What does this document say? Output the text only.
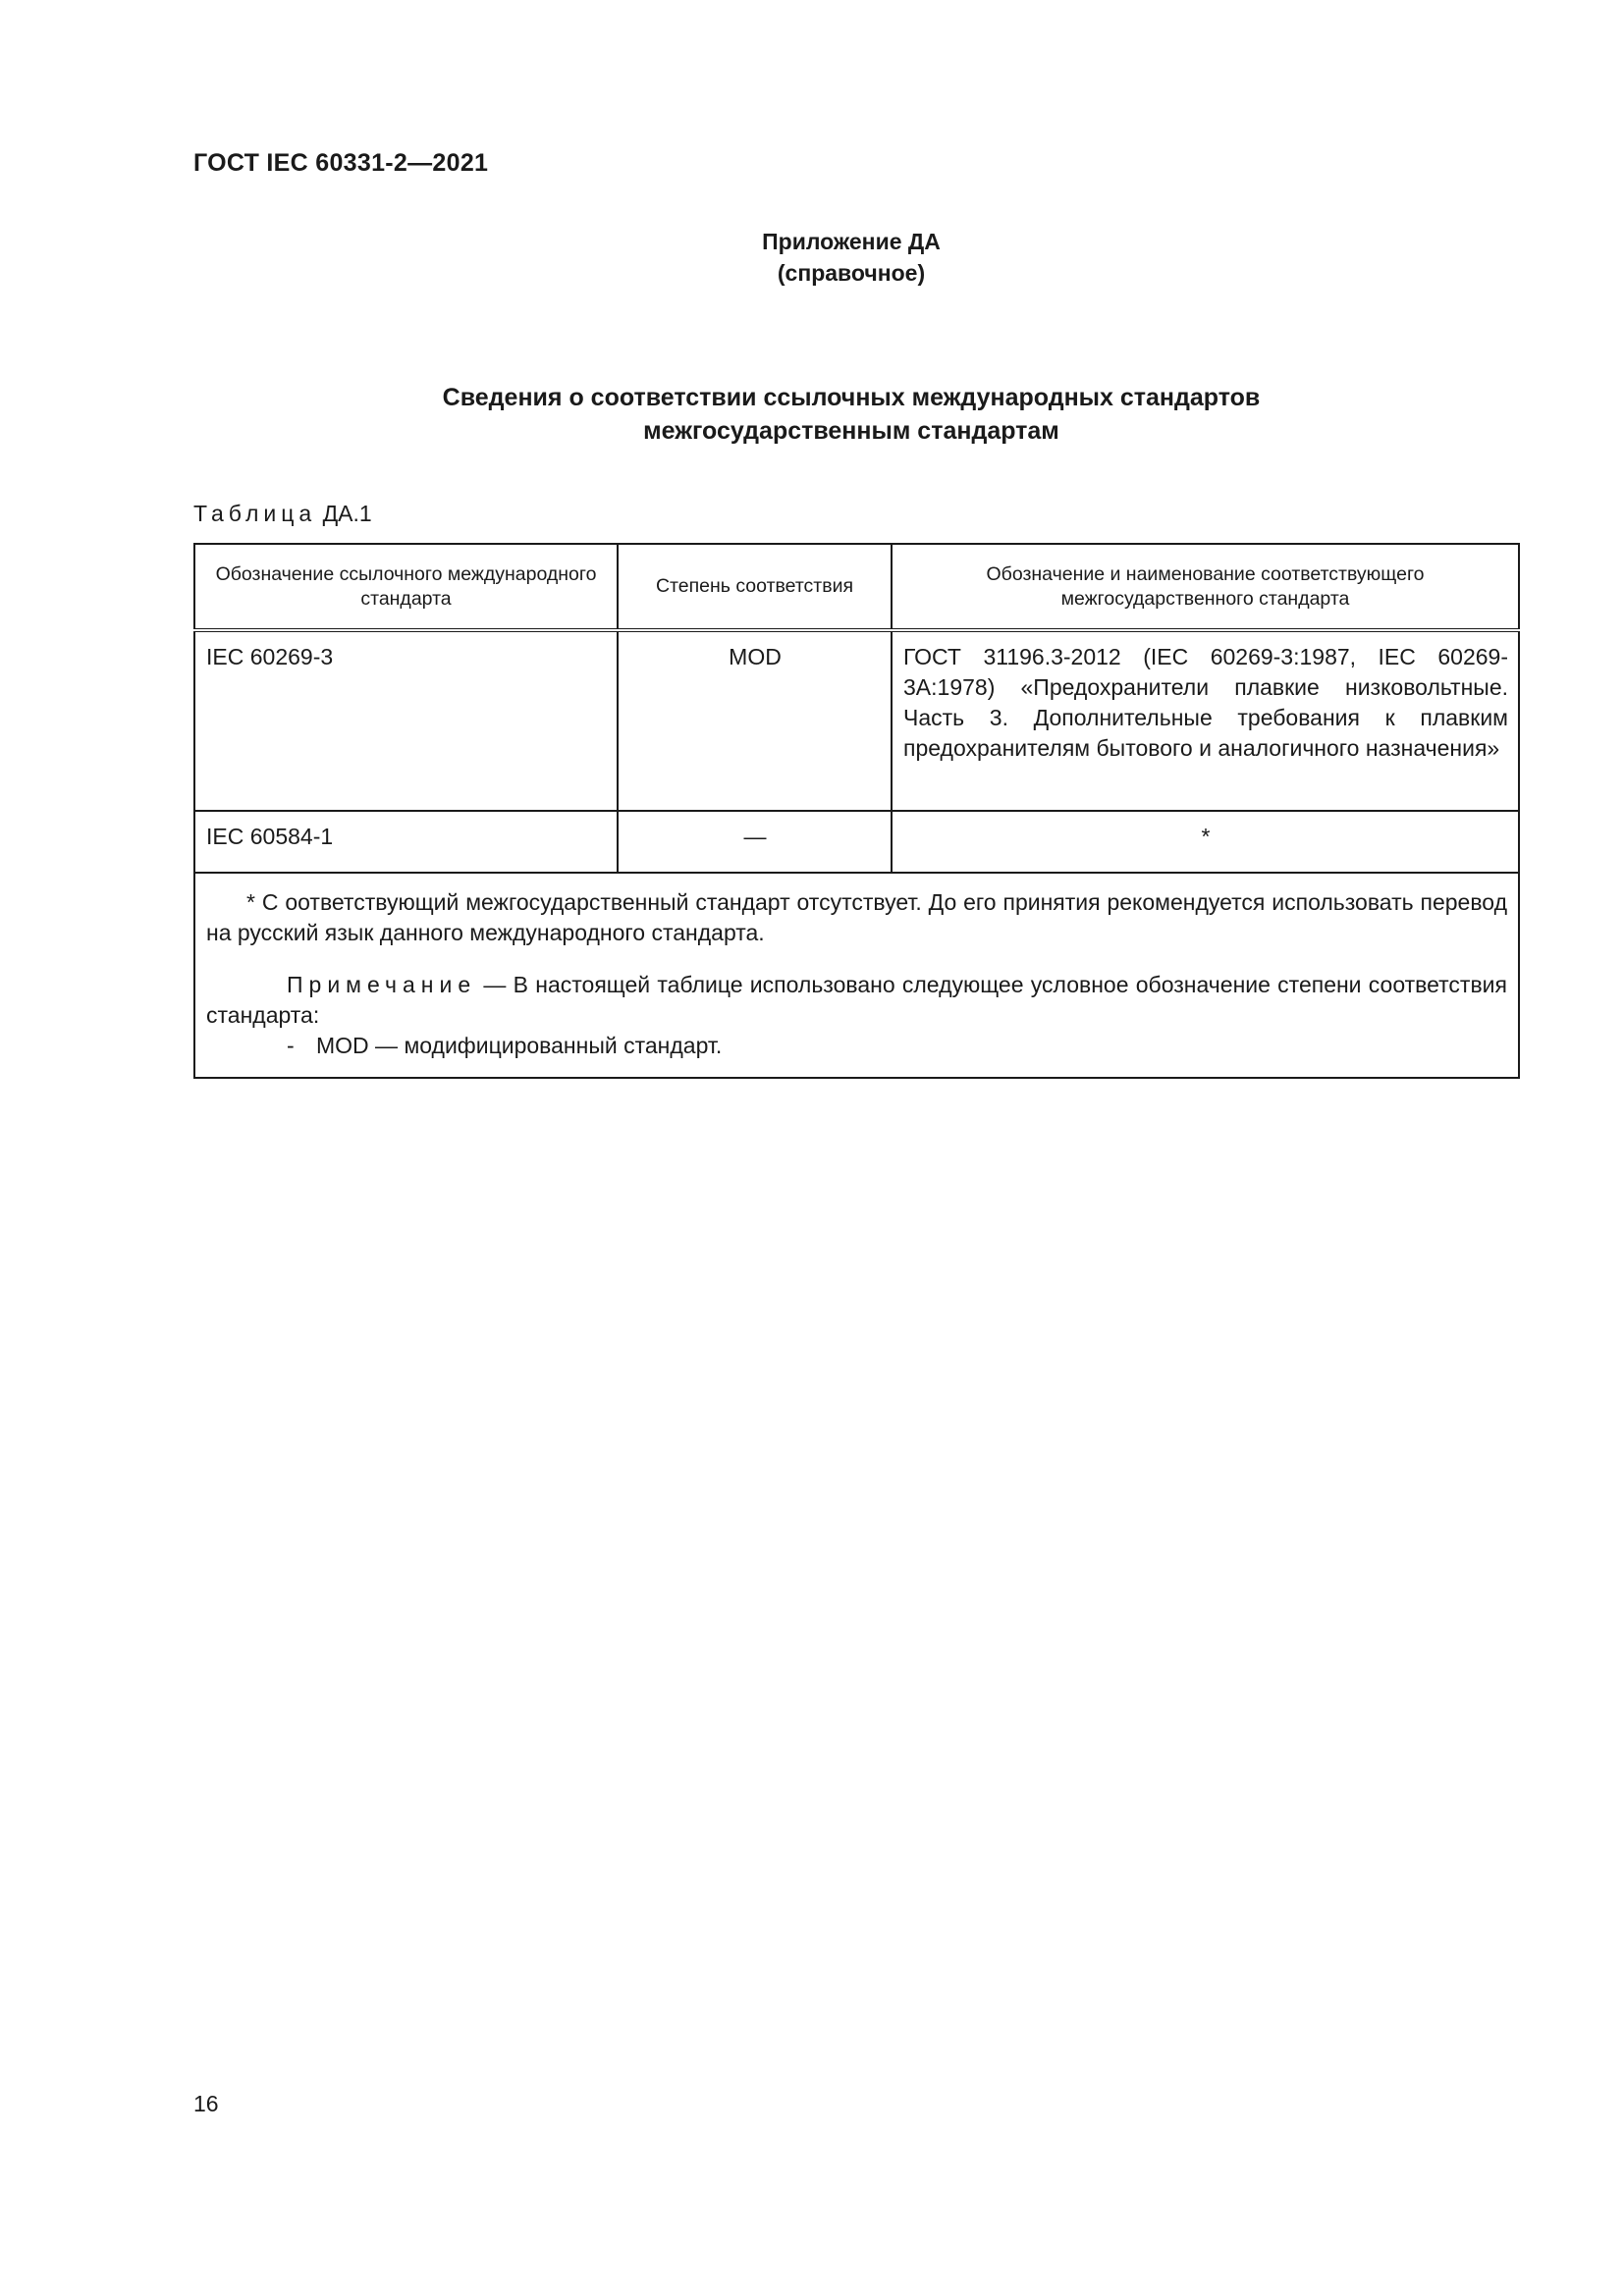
ГОСТ IEC 60331-2—2021
Приложение ДА
(справочное)
Сведения о соответствии ссылочных международных стандартов
межгосударственным стандартам
Таблица ДА.1
Обозначение ссылочного международного стандарта	Степень соответствия	Обозначение и наименование соответствующего межгосударственного стандарта
IEC 60269-3	MOD	ГОСТ 31196.3-2012 (IEC 60269-3:1987, IEC 60269-3A:1978) «Предохранители плавкие низковольтные. Часть 3. Дополнительные требования к плавким предохранителям бытового и аналогичного назначения»
IEC 60584-1	—	*

* С оответствующий межгосударственный стандарт отсутствует. До его принятия рекомендуется использовать перевод на русский язык данного международного стандарта.

Примечание — В настоящей таблице использовано следующее условное обозначение степени соответствия стандарта:

- MOD — модифицированный стандарт.		

16
